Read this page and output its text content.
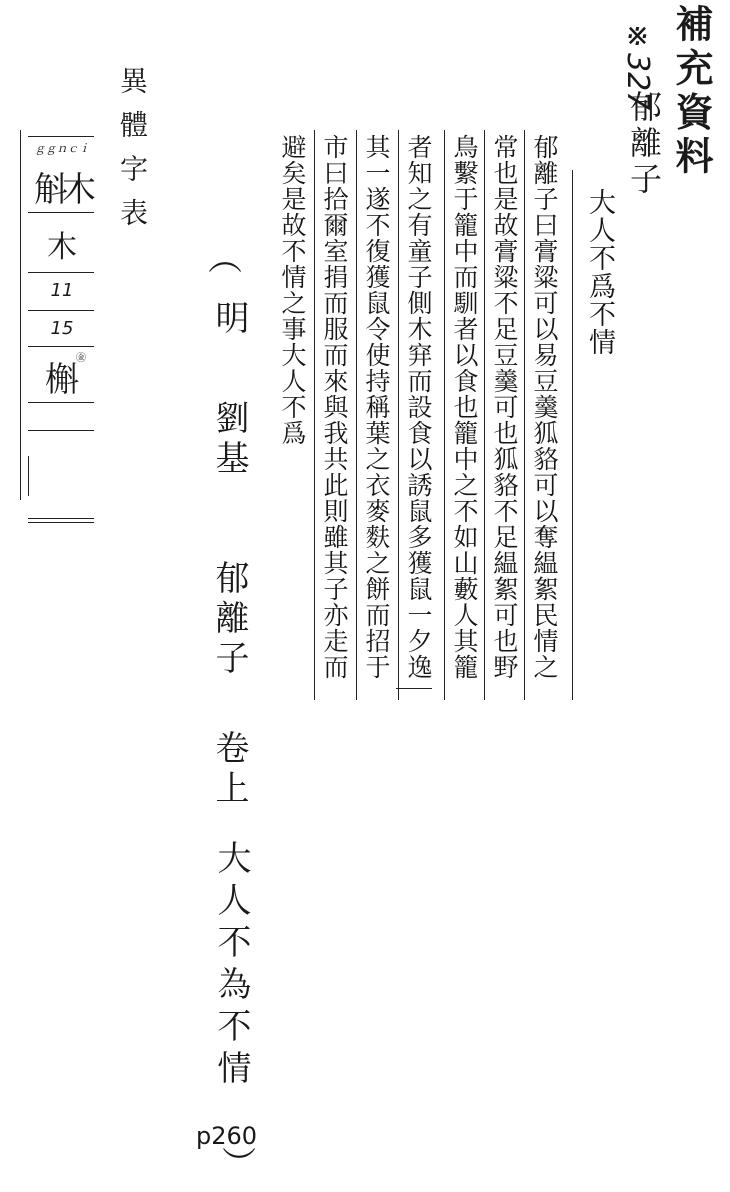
補充資料
※327
郁離子
大人不爲不情
郁離子曰膏粱可以易豆羹狐貉可以奪緼絮民情之
常也是故膏粱不足豆羹可也狐貉不足緼絮可也野
鳥繫于籠中而馴者以食也籠中之不如山藪人其籠
者知之有童子側木穽而設食以誘鼠多獲鼠一夕逸
其一遂不復獲鼠令使持稱葉之衣麥麩之餅而招于
市曰拾爾室捐而服而來與我共此則雖其子亦走而
避矣是故不情之事大人不爲
（
明
劉基
郁離子
卷上
大人不為不情
p260
）
異體字表
ｇｇｎｃｉ
斛木
木
11
15
槲
㊎
